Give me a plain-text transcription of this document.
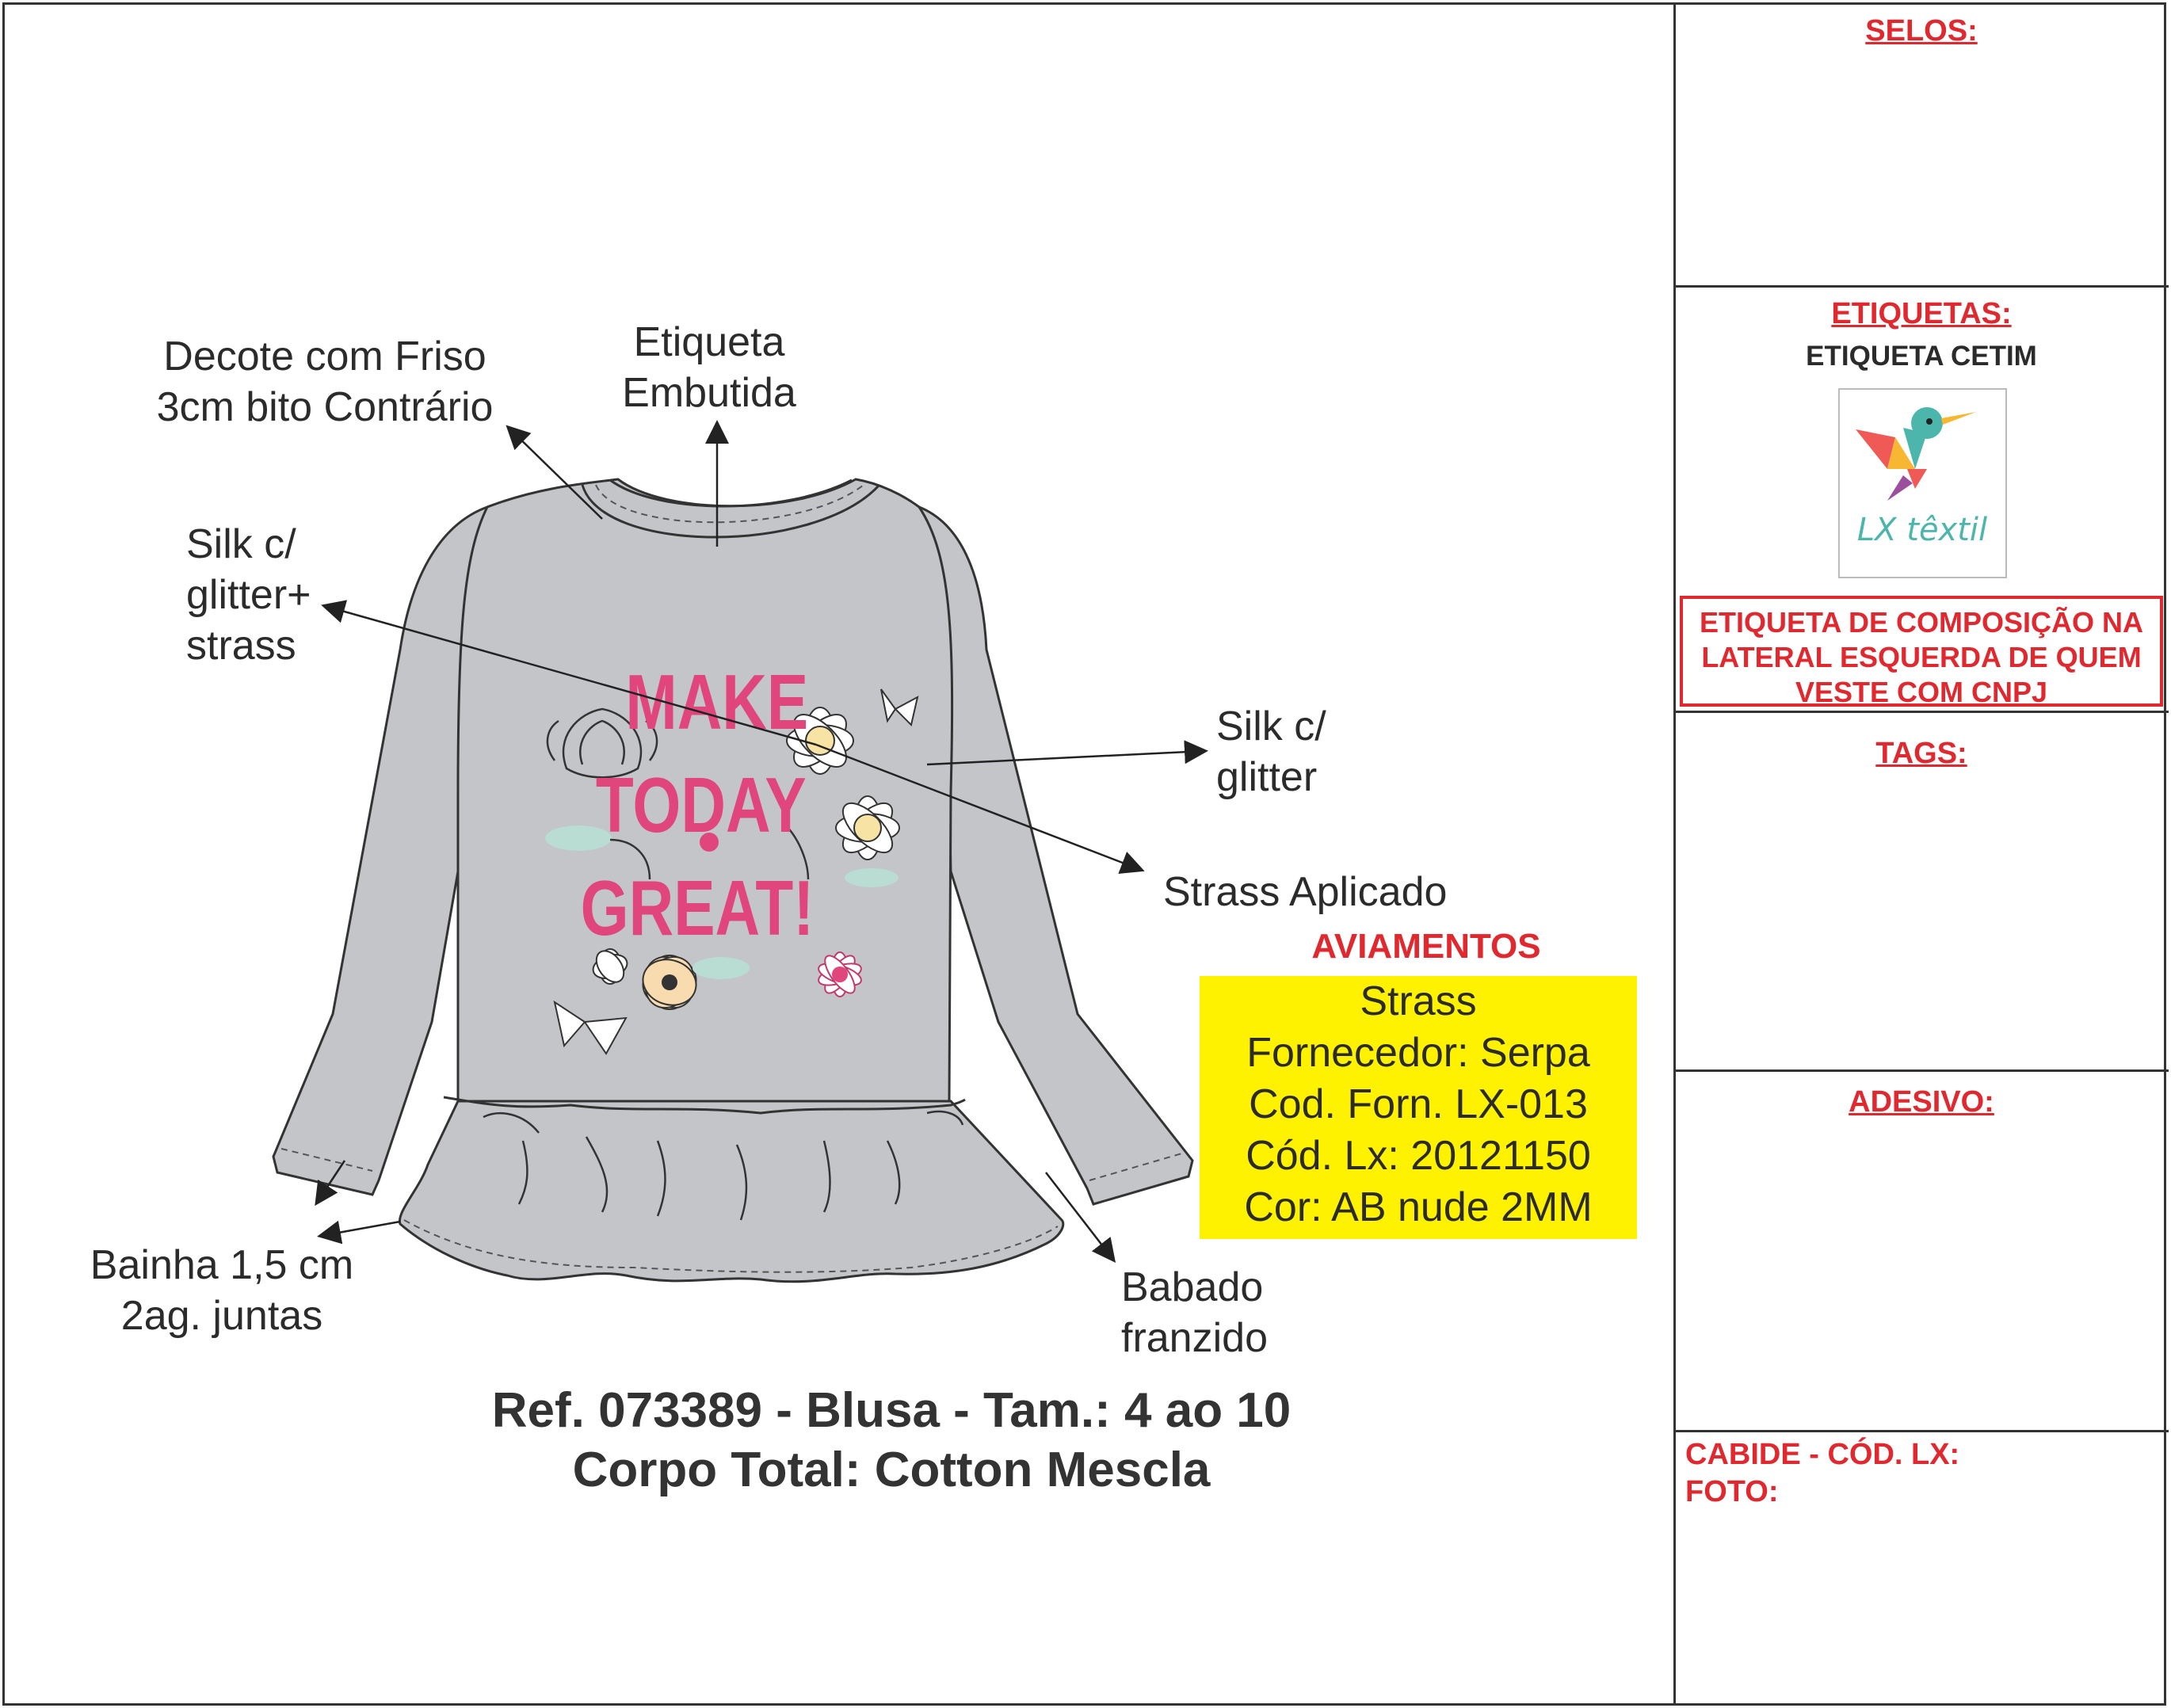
MAKE
TODAY
GREAT!
Decote com Friso
3cm bito Contrário
Etiqueta
Embutida
Silk c/
glitter+
strass
Silk c/
glitter
Strass Aplicado
Bainha 1,5 cm
2ag. juntas
Babado
franzido
AVIAMENTOS
Strass
Fornecedor: Serpa
Cod. Forn. LX-013
Cód. Lx: 20121150
Cor: AB nude 2MM
Ref. 073389 - Blusa - Tam.: 4 ao 10
Corpo Total: Cotton Mescla
SELOS:
ETIQUETAS:
ETIQUETA CETIM
LX têxtil
ETIQUETA DE COMPOSIÇÃO NA
LATERAL ESQUERDA DE QUEM
VESTE COM CNPJ
TAGS:
ADESIVO:
CABIDE - CÓD. LX:
FOTO:
